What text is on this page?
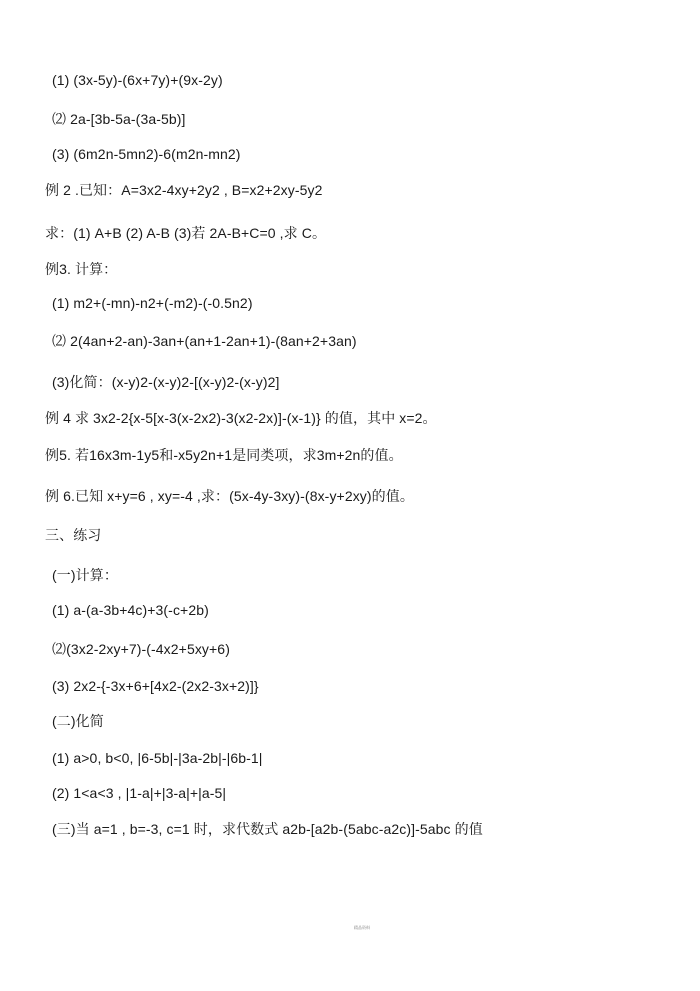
(1) (3x-5y)-(6x+7y)+(9x-2y)
⑵ 2a-[3b-5a-(3a-5b)]
(3) (6m2n-5mn2)-6(m2n-mn2)
例 2 .已知：A=3x2-4xy+2y2 , B=x2+2xy-5y2
求：(1) A+B (2) A-B (3)若 2A-B+C=0 ,求 C。
例3. 计算：
(1) m2+(-mn)-n2+(-m2)-(-0.5n2)
⑵ 2(4an+2-an)-3an+(an+1-2an+1)-(8an+2+3an)
(3)化简：(x-y)2-(x-y)2-[(x-y)2-(x-y)2]
例 4 求 3x2-2{x-5[x-3(x-2x2)-3(x2-2x)]-(x-1)} 的值，其中 x=2。
例5. 若16x3m-1y5和-x5y2n+1是同类项，求3m+2n的值。
例 6.已知 x+y=6 , xy=-4 ,求：(5x-4y-3xy)-(8x-y+2xy)的值。
三、练习
(一)计算：
(1) a-(a-3b+4c)+3(-c+2b)
⑵(3x2-2xy+7)-(-4x2+5xy+6)
(3) 2x2-{-3x+6+[4x2-(2x2-3x+2)]}
(二)化简
(1) a>0, b<0, |6-5b|-|3a-2b|-|6b-1|
(2) 1<a<3 , |1-a|+|3-a|+|a-5|
(三)当 a=1 , b=-3, c=1 时，求代数式 a2b-[a2b-(5abc-a2c)]-5abc 的值
精品资料
